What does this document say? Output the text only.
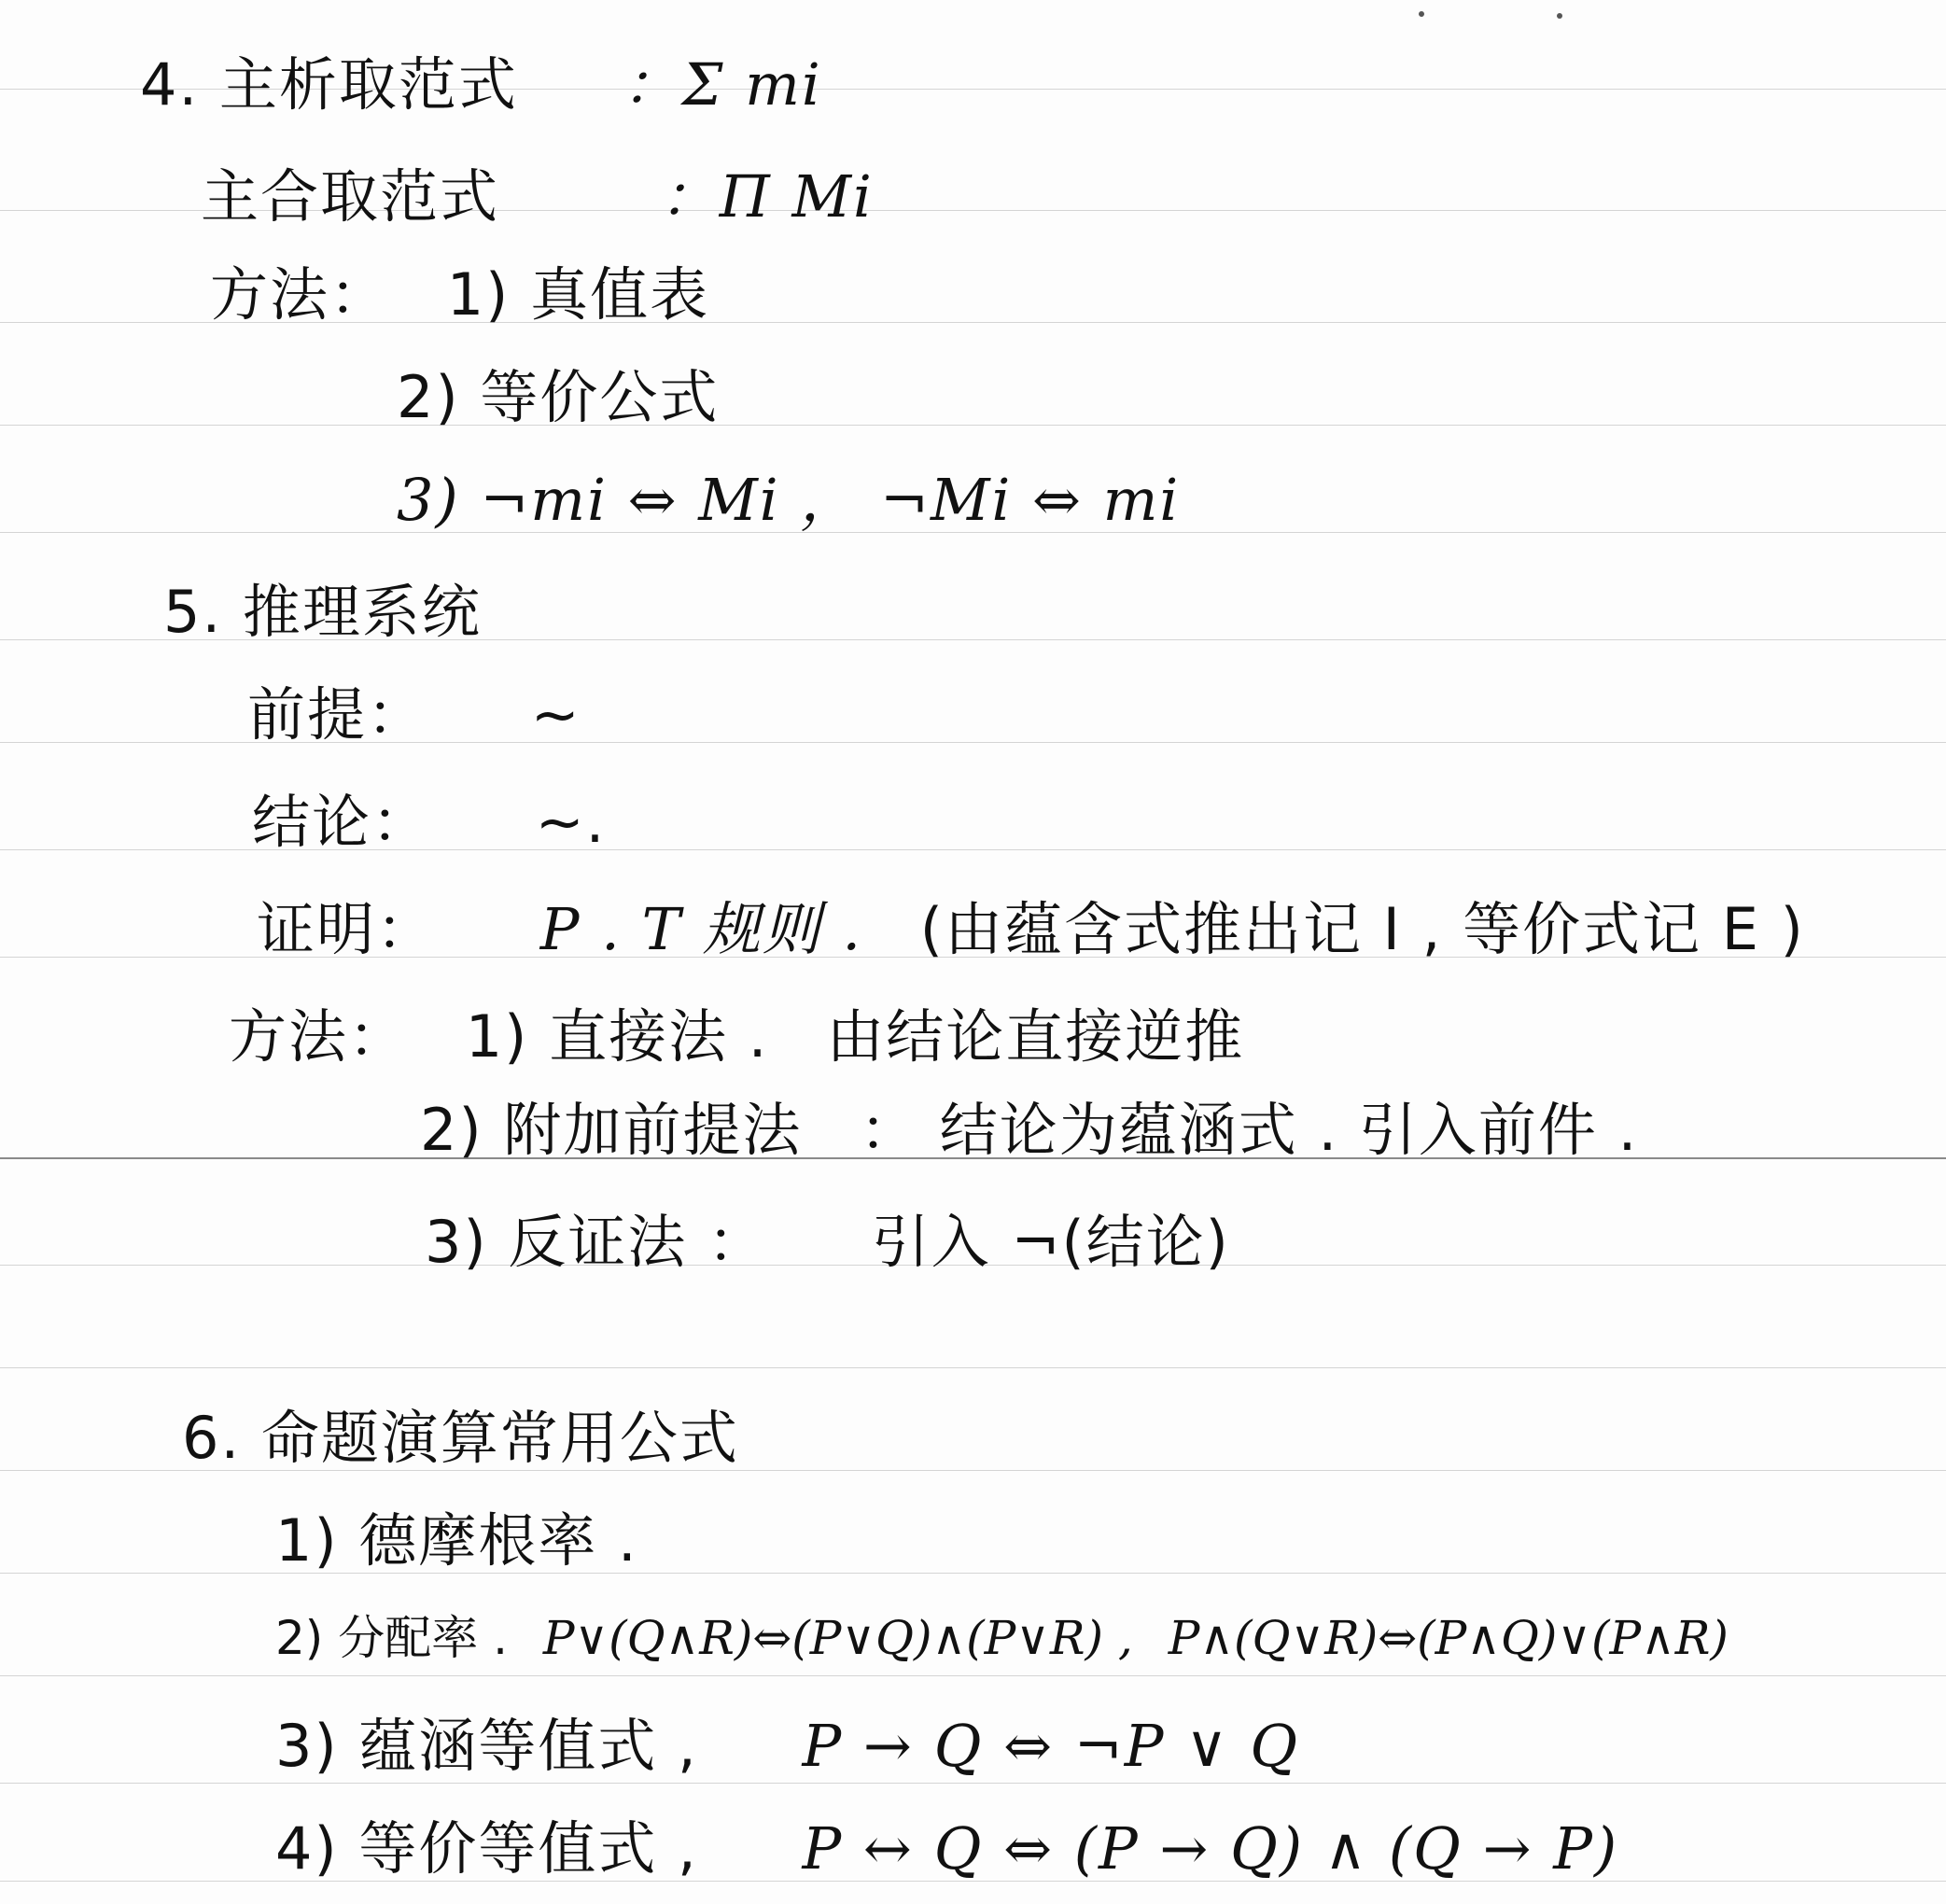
4. 主析取范式 ：Σ mi
主合取范式	：Π Mi
方法： 1) 真值表
2) 等价公式
3) ¬mi ⇔ Mi ， ¬Mi ⇔ mi
5. 推理系统
前提： ~
结论： ~.
证明： P . T 规则 . (由蕴含式推出记 I , 等价式记 E )
方法： 1) 直接法 . 由结论直接逆推
2) 附加前提法 ： 结论为蕴涵式 . 引入前件 .
3) 反证法 ： 引入 ¬(结论)
6. 命题演算常用公式
1) 德摩根率 .
2) 分配率 . P∨(Q∧R)⇔(P∨Q)∧(P∨R) , P∧(Q∨R)⇔(P∧Q)∨(P∧R)
3) 蕴涵等值式 , P → Q ⇔ ¬P ∨ Q
4) 等价等值式 , P ↔ Q ⇔ (P → Q) ∧ (Q → P)
